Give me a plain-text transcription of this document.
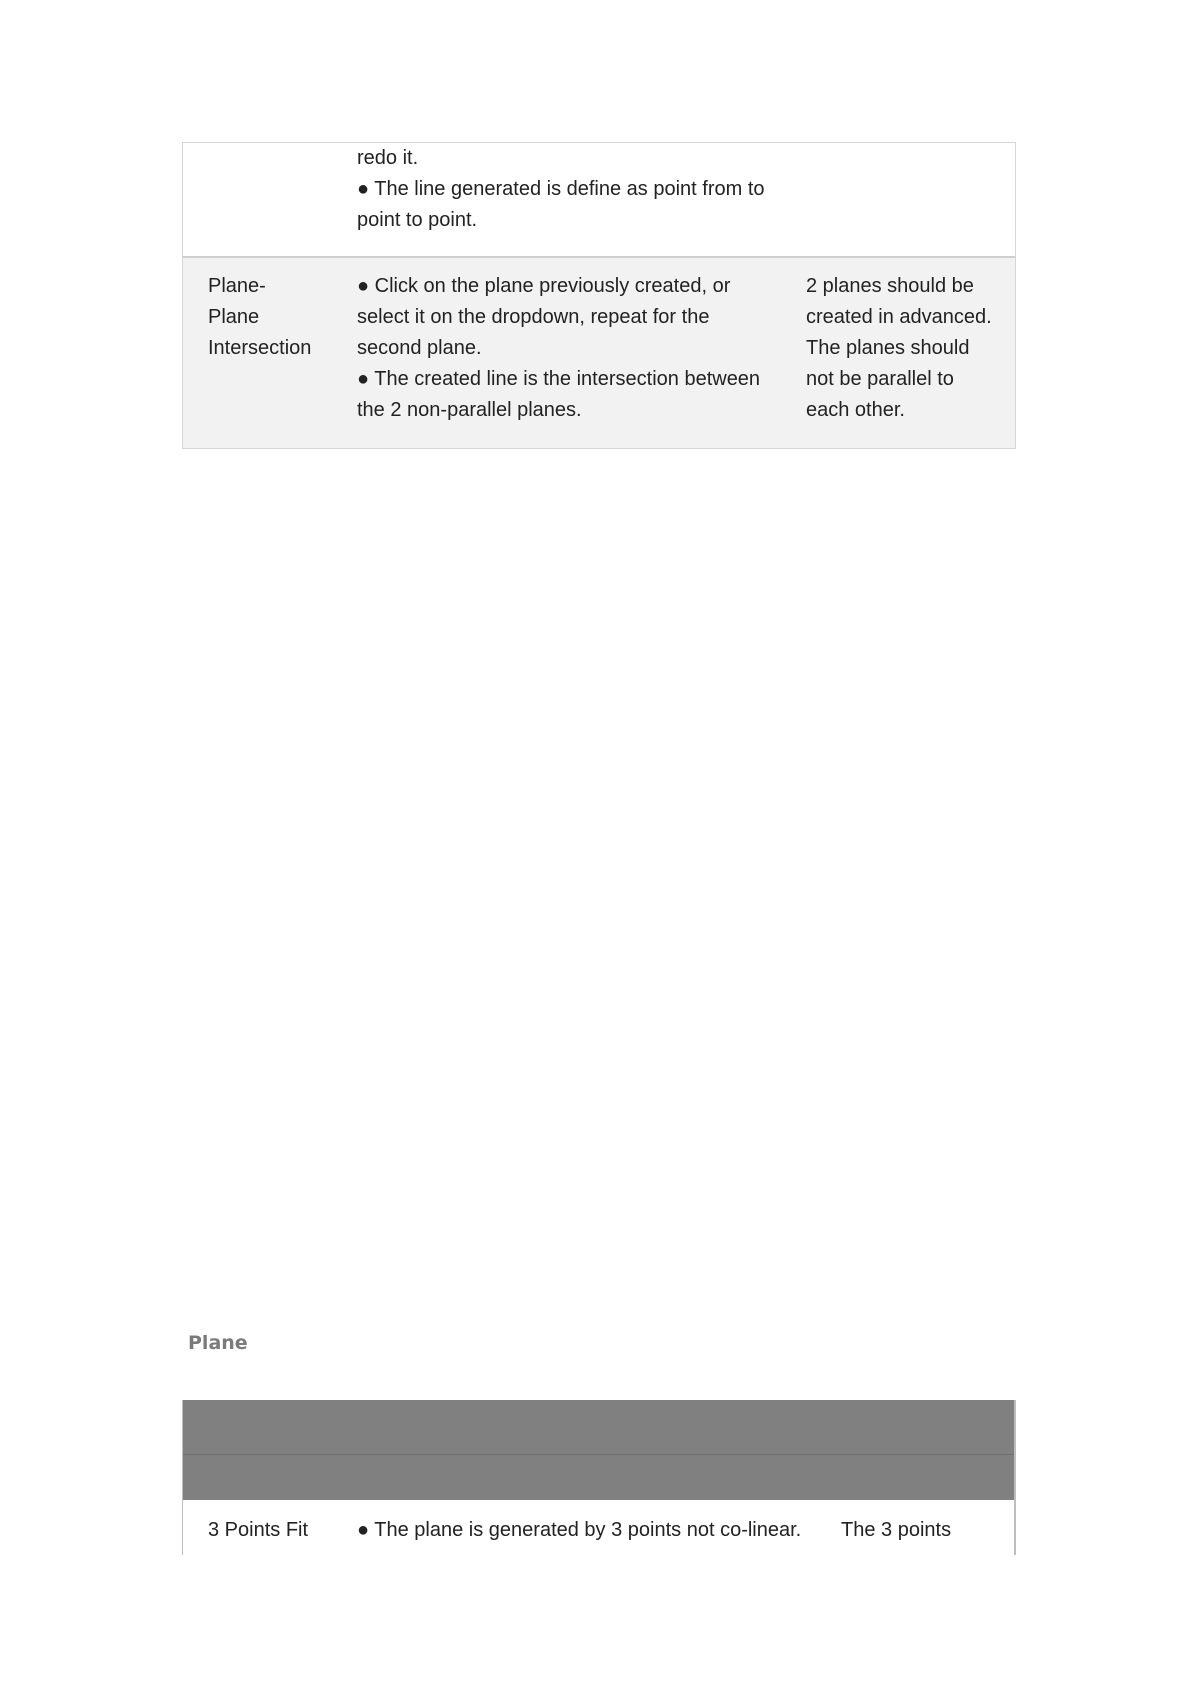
redo it.
● The line generated is define as point from to
point to point.
Plane-
Plane
Intersection
● Click on the plane previously created, or
select it on the dropdown, repeat for the
second plane.
● The created line is the intersection between
the 2 non-parallel planes.
2 planes should be
created in advanced.
The planes should
not be parallel to
each other.
Plane
3 Points Fit	● The plane is generated by 3 points not co-linear.	The 3 points
